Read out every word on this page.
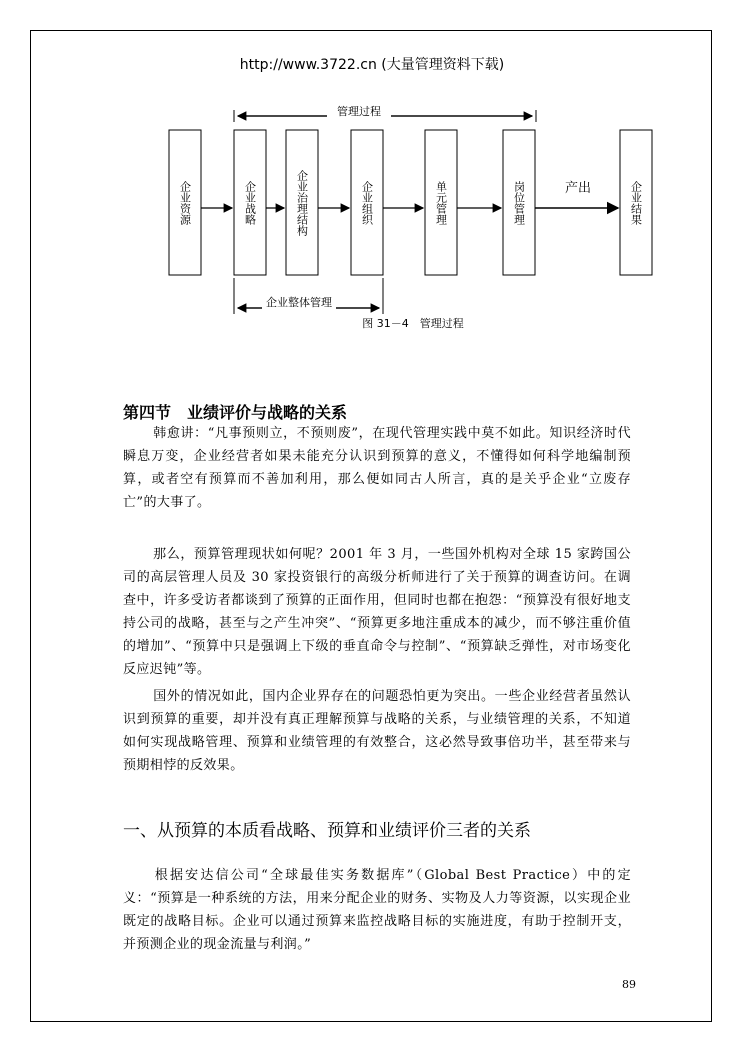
http://www.3722.cn (大量管理资料下载)
管理过程
企业资源	企业战略	企业治理结构	企业组织	单元管理	岗位管理	企业结果
产出
企业整体管理
图 31－4　管理过程
第四节　业绩评价与战略的关系

韩愈讲：“凡事预则立，不预则废”，在现代管理实践中莫不如此。知识经济时代瞬息万变，企业经营者如果未能充分认识到预算的意义，不懂得如何科学地编制预算，或者空有预算而不善加利用，那么便如同古人所言，真的是关乎企业“立废存亡”的大事了。

那么，预算管理现状如何呢？2001 年 3 月，一些国外机构对全球 15 家跨国公司的高层管理人员及 30 家投资银行的高级分析师进行了关于预算的调查访问。在调查中，许多受访者都谈到了预算的正面作用，但同时也都在抱怨：“预算没有很好地支持公司的战略，甚至与之产生冲突”、“预算更多地注重成本的减少，而不够注重价值的增加”、“预算中只是强调上下级的垂直命令与控制”、“预算缺乏弹性，对市场变化反应迟钝”等。

国外的情况如此，国内企业界存在的问题恐怕更为突出。一些企业经营者虽然认识到预算的重要，却并没有真正理解预算与战略的关系，与业绩管理的关系，不知道如何实现战略管理、预算和业绩管理的有效整合，这必然导致事倍功半，甚至带来与预期相悖的反效果。

一、从预算的本质看战略、预算和业绩评价三者的关系

根据安达信公司“全球最佳实务数据库”（Global Best Practice）中的定义：“预算是一种系统的方法，用来分配企业的财务、实物及人力等资源，以实现企业既定的战略目标。企业可以通过预算来监控战略目标的实施进度，有助于控制开支，并预测企业的现金流量与利润。”

89
